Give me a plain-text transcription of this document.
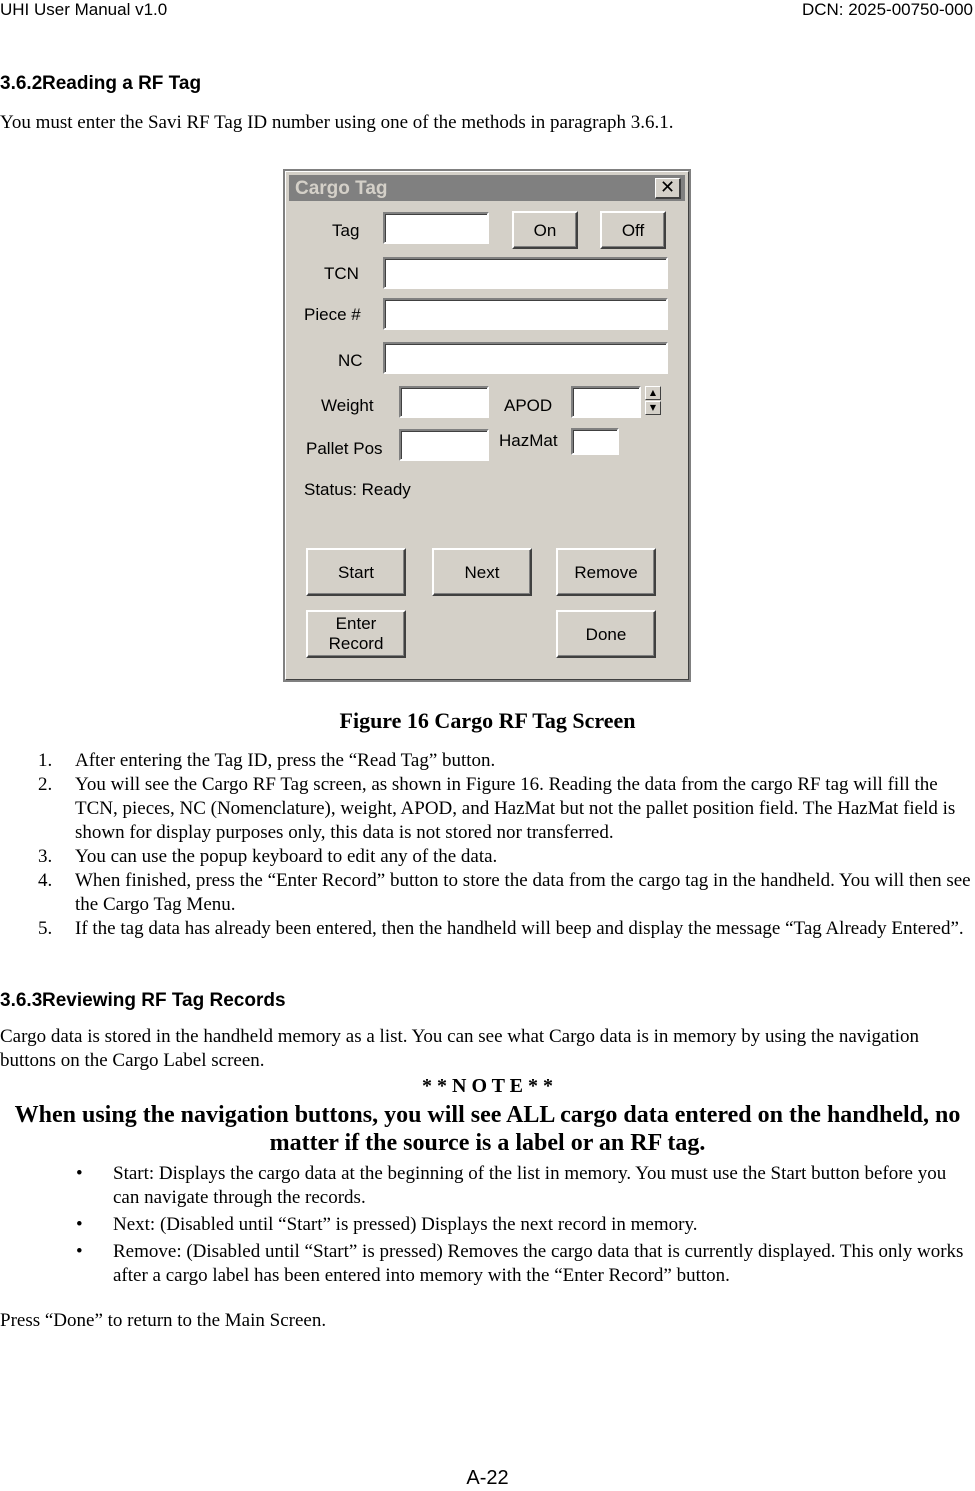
UHI User Manual v1.0	DCN: 2025-00750-000
3.6.2Reading a RF Tag
You must enter the Savi RF Tag ID number using one of the methods in paragraph 3.6.1.
Cargo Tag	✕
Tag	On	Off
TCN
Piece #
NC
Weight	APOD
▲
▼
Pallet Pos	HazMat
Status: Ready
Start	Next	Remove
Enter
Record	Done
Figure 16 Cargo RF Tag Screen
1. After entering the Tag ID, press the “Read Tag” button.
2. You will see the Cargo RF Tag screen, as shown in Figure 16. Reading the data from the cargo RF tag will fill the TCN, pieces, NC (Nomenclature), weight, APOD, and HazMat but not the pallet position field. The HazMat field is shown for display purposes only, this data is not stored nor transferred.
3. You can use the popup keyboard to edit any of the data.
4. When finished, press the “Enter Record” button to store the data from the cargo tag in the handheld. You will then see the Cargo Tag Menu.
5. If the tag data has already been entered, then the handheld will beep and display the message “Tag Already Entered”.
3.6.3Reviewing RF Tag Records
Cargo data is stored in the handheld memory as a list. You can see what Cargo data is in memory by using the navigation buttons on the Cargo Label screen.
* * N O T E * *
When using the navigation buttons, you will see ALL cargo data entered on the handheld, no matter if the source is a label or an RF tag.
• Start: Displays the cargo data at the beginning of the list in memory. You must use the Start button before you can navigate through the records.
• Next: (Disabled until “Start” is pressed) Displays the next record in memory.
• Remove: (Disabled until “Start” is pressed) Removes the cargo data that is currently displayed. This only works after a cargo label has been entered into memory with the “Enter Record” button.
Press “Done” to return to the Main Screen.
A-22
